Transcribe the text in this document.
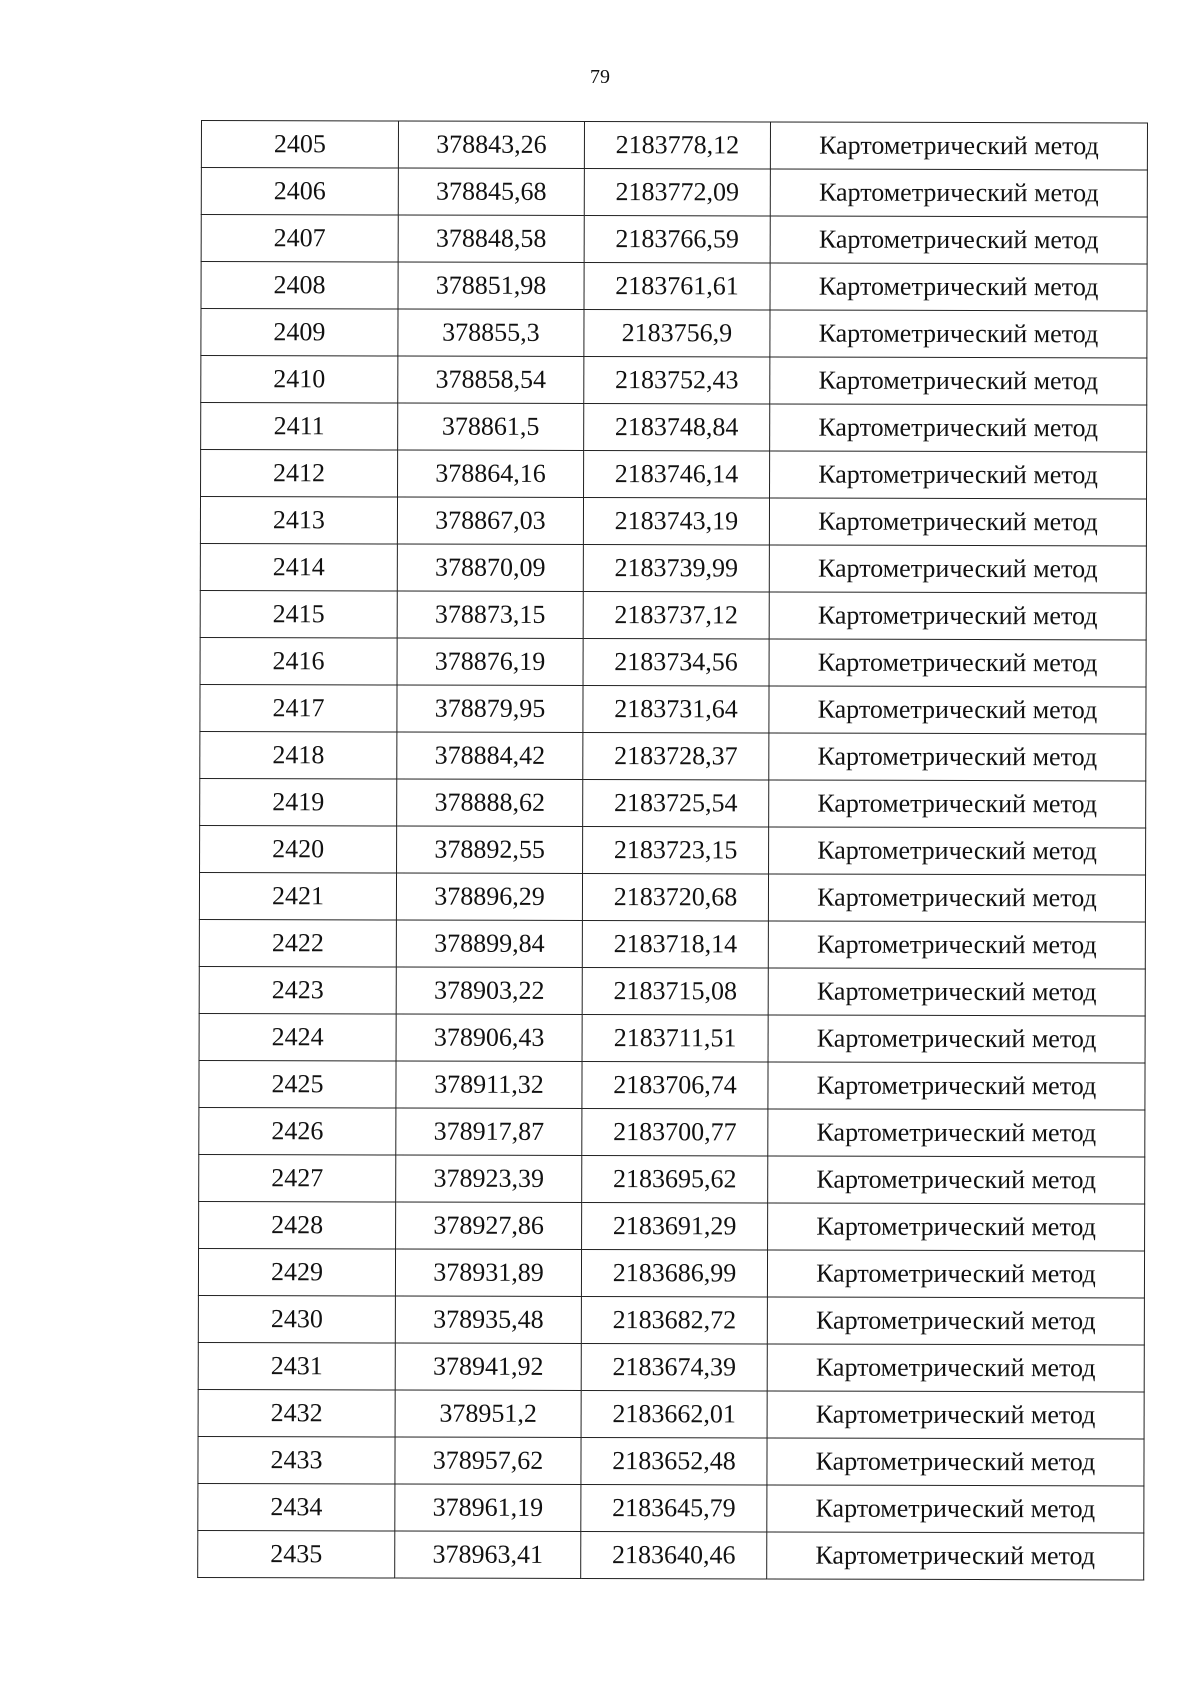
79
2405	378843,26	2183778,12	Картометрический метод
2406	378845,68	2183772,09	Картометрический метод
2407	378848,58	2183766,59	Картометрический метод
2408	378851,98	2183761,61	Картометрический метод
2409	378855,3	2183756,9	Картометрический метод
2410	378858,54	2183752,43	Картометрический метод
2411	378861,5	2183748,84	Картометрический метод
2412	378864,16	2183746,14	Картометрический метод
2413	378867,03	2183743,19	Картометрический метод
2414	378870,09	2183739,99	Картометрический метод
2415	378873,15	2183737,12	Картометрический метод
2416	378876,19	2183734,56	Картометрический метод
2417	378879,95	2183731,64	Картометрический метод
2418	378884,42	2183728,37	Картометрический метод
2419	378888,62	2183725,54	Картометрический метод
2420	378892,55	2183723,15	Картометрический метод
2421	378896,29	2183720,68	Картометрический метод
2422	378899,84	2183718,14	Картометрический метод
2423	378903,22	2183715,08	Картометрический метод
2424	378906,43	2183711,51	Картометрический метод
2425	378911,32	2183706,74	Картометрический метод
2426	378917,87	2183700,77	Картометрический метод
2427	378923,39	2183695,62	Картометрический метод
2428	378927,86	2183691,29	Картометрический метод
2429	378931,89	2183686,99	Картометрический метод
2430	378935,48	2183682,72	Картометрический метод
2431	378941,92	2183674,39	Картометрический метод
2432	378951,2	2183662,01	Картометрический метод
2433	378957,62	2183652,48	Картометрический метод
2434	378961,19	2183645,79	Картометрический метод
2435	378963,41	2183640,46	Картометрический метод
